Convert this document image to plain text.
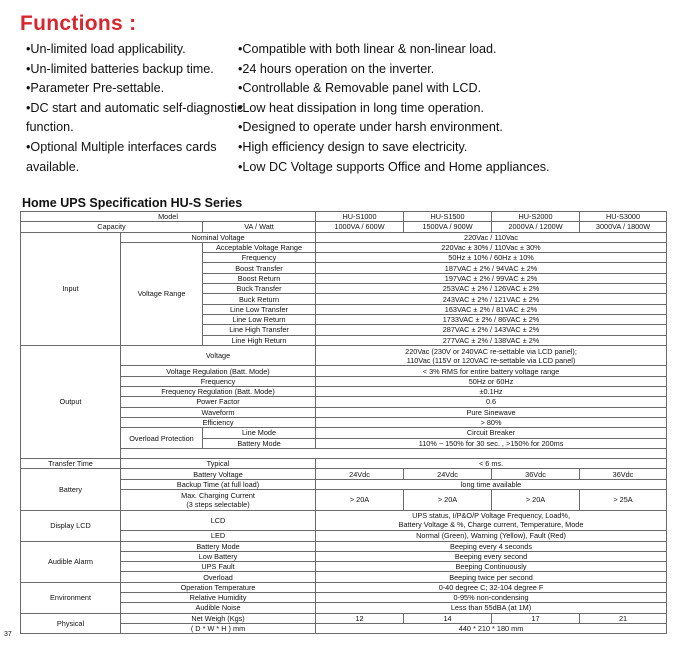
Functions :
•Un-limited load applicability.
•Un-limited batteries backup time.
•Parameter Pre-settable.
•DC start and automatic self-diagnostic
function.
•Optional Multiple interfaces cards
available.
•Compatible with both linear & non-linear load.
•24 hours operation on the inverter.
•Controllable & Removable panel with LCD.
•Low heat dissipation in long time operation.
•Designed to operate under harsh environment.
•High efficiency design to save electricity.
•Low DC Voltage supports Office and Home appliances.
Home UPS Specification HU-S Series
Model			HU-S1000	HU-S1500	HU-S2000	HU-S3000
Capacity		VA / Watt	1000VA / 600W	1500VA / 900W	2000VA / 1200W	3000VA / 1800W
Input	Nominal Voltage		220Vac / 110Vac			
	Voltage Range	Acceptable Voltage Range	220Vac ± 30% / 110Vac ± 30%			
		Frequency	50Hz ± 10% / 60Hz ± 10%			
		Boost Transfer	187VAC ± 2% / 94VAC ± 2%			
		Boost Return	197VAC ± 2% / 99VAC ± 2%			
		Buck Transfer	253VAC ± 2% / 126VAC ± 2%			
		Buck Return	243VAC ± 2% / 121VAC ± 2%			
		Line Low Transfer	163VAC ± 2% / 81VAC ± 2%			
		Line Low Return	1733VAC ± 2% / 86VAC ± 2%			
		Line High Transfer	287VAC ± 2% / 143VAC ± 2%			
		Line High Return	277VAC ± 2% / 138VAC ± 2%			
Output	Voltage		220Vac (230V or 240VAC re-settable via LCD panel);
110Vac (115V or 120VAC re-settable via LCD panel)			

	Voltage Regulation (Batt. Mode)		< 3% RMS for entire battery voltage range			
	Frequency		50Hz or 60Hz			
	Frequency Regulation (Batt. Mode)		±0.1Hz			
	Power Factor		0.6			
	Waveform		Pure Sinewave			
	Efficiency		> 80%			
	Overload Protection	Line Mode	Circuit Breaker			
		Battery Mode	110% ~ 150% for 30 sec. , >150% for 200ms			

Transfer Time	Typical		< 6 ms.			
Battery	Battery Voltage		24Vdc	24Vdc	36Vdc	36Vdc
	Backup Time (at full load)		long time available			

	Max. Charging Current
(3 steps selectable)		> 20A	> 20A	> 20A	> 25A
Display LCD	LCD		UPS status, I/P&O/P Voltage Frequency, Load%,
Battery Voltage & %, Charge current, Temperature, Mode			

	LED		Normal (Green), Warning (Yellow), Fault (Red)			
Audible Alarm	Battery Mode		Beeping every 4 seconds			
	Low Battery		Beeping every second			
	UPS Fault		Beeping Continuously			
	Overload		Beeping twice per second			
Environment	Operation Temperature		0-40 degree C; 32-104 degree F			
	Relative Humidity		0-95% non-condensing			
	Audible Noise		Less than 55dBA (at 1M)			
Physical	Net Weigh (Kgs)		12	14	17	21
	( D * W * H ) mm		440 * 210 * 180 mm			
37
